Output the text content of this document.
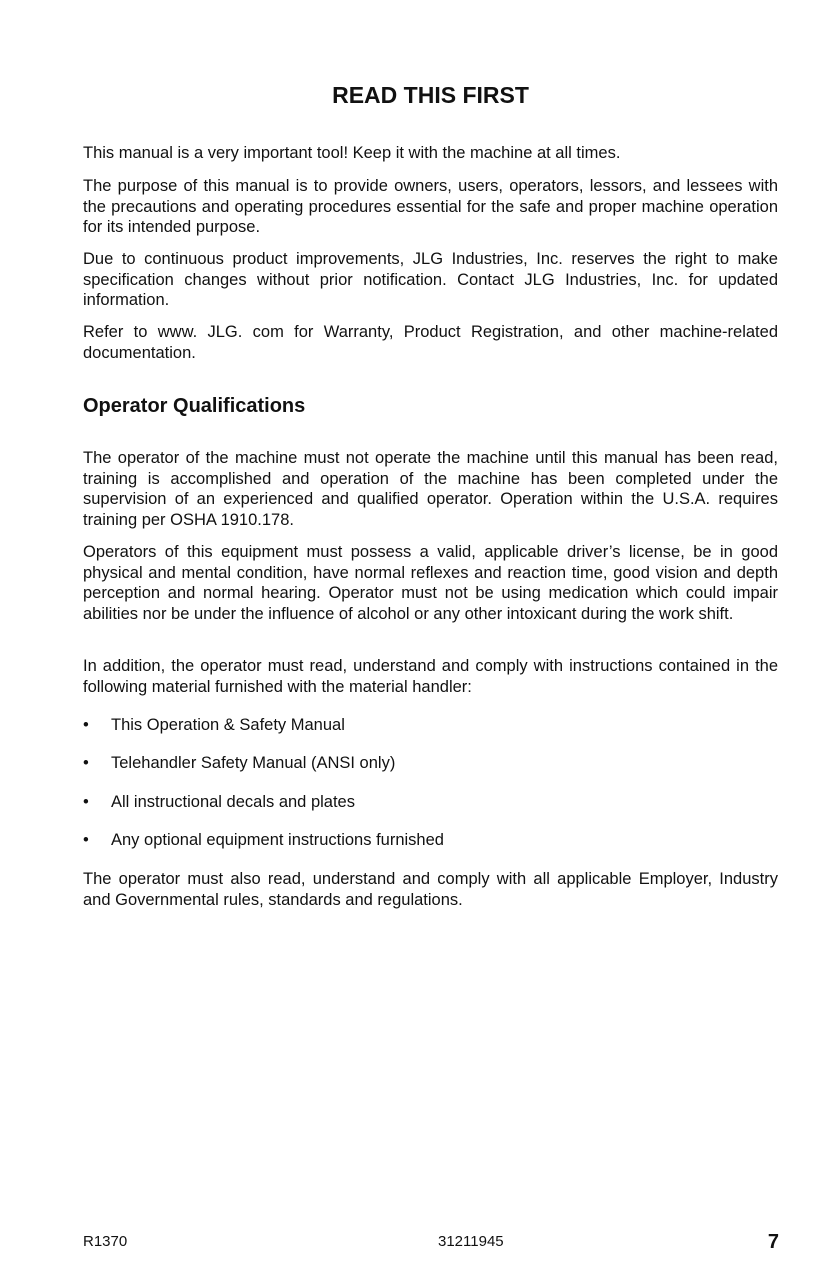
READ THIS FIRST

This manual is a very important tool! Keep it with the machine at all times.

The purpose of this manual is to provide owners, users, operators, lessors, and lessees with the precautions and operating procedures essential for the safe and proper machine operation for its intended purpose.

Due to continuous product improvements, JLG Industries, Inc. reserves the right to make specification changes without prior notification. Contact JLG Industries, Inc. for updated information.

Refer to www. JLG. com for Warranty, Product Registration, and other machine-related documentation.

Operator Qualifications

The operator of the machine must not operate the machine until this manual has been read, training is accomplished and operation of the machine has been completed under the supervision of an experienced and qualified operator. Operation within the U.S.A. requires training per OSHA 1910.178.

Operators of this equipment must possess a valid, applicable driver’s license, be in good physical and mental condition, have normal reflexes and reaction time, good vision and depth perception and normal hearing. Operator must not be using medication which could impair abilities nor be under the influence of alcohol or any other intoxicant during the work shift.

In addition, the operator must read, understand and comply with instructions contained in the following material furnished with the material handler:

• This Operation & Safety Manual
• Telehandler Safety Manual (ANSI only)
• All instructional decals and plates
• Any optional equipment instructions furnished

The operator must also read, understand and comply with all applicable Employer, Industry and Governmental rules, standards and regulations.

R1370	31211945	7
